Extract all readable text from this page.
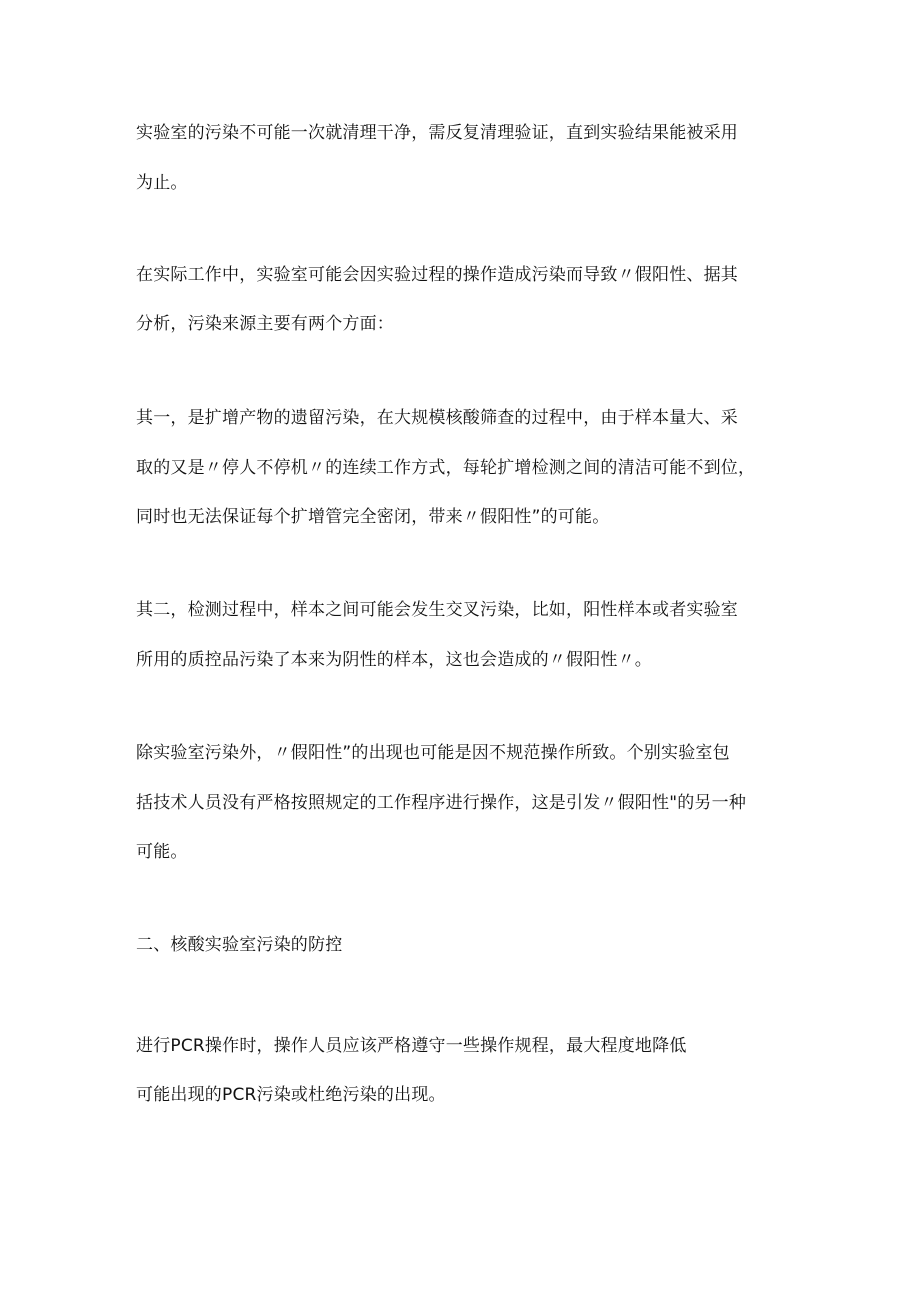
实验室的污染不可能一次就清理干净，需反复清理验证，直到实验结果能被采用
为止。
在实际工作中，实验室可能会因实验过程的操作造成污染而导致〃假阳性、据其
分析，污染来源主要有两个方面：
其一，是扩增产物的遗留污染，在大规模核酸筛查的过程中，由于样本量大、采
取的又是〃停人不停机〃的连续工作方式，每轮扩增检测之间的清洁可能不到位，
同时也无法保证每个扩增管完全密闭，带来〃假阳性”的可能。
其二，检测过程中，样本之间可能会发生交叉污染，比如，阳性样本或者实验室
所用的质控品污染了本来为阴性的样本，这也会造成的〃假阳性〃。
除实验室污染外，〃假阳性”的出现也可能是因不规范操作所致。个别实验室包
括技术人员没有严格按照规定的工作程序进行操作，这是引发〃假阳性"的另一种
可能。
二、核酸实验室污染的防控
进行PCR操作时，操作人员应该严格遵守一些操作规程，最大程度地降低
可能出现的PCR污染或杜绝污染的出现。
